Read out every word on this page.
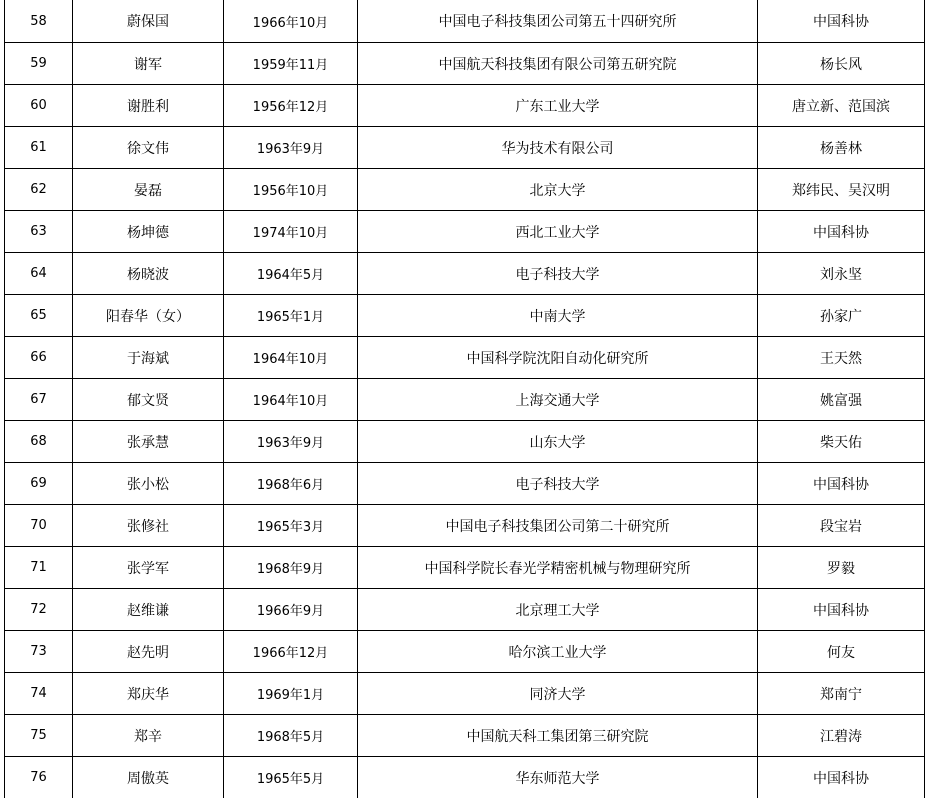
58	蔚保国	1966年10月	中国电子科技集团公司第五十四研究所	中国科协
59	谢军	1959年11月	中国航天科技集团有限公司第五研究院	杨长风
60	谢胜利	1956年12月	广东工业大学	唐立新、范国滨
61	徐文伟	1963年9月	华为技术有限公司	杨善林
62	晏磊	1956年10月	北京大学	郑纬民、吴汉明
63	杨坤德	1974年10月	西北工业大学	中国科协
64	杨晓波	1964年5月	电子科技大学	刘永坚
65	阳春华（女）	1965年1月	中南大学	孙家广
66	于海斌	1964年10月	中国科学院沈阳自动化研究所	王天然
67	郁文贤	1964年10月	上海交通大学	姚富强
68	张承慧	1963年9月	山东大学	柴天佑
69	张小松	1968年6月	电子科技大学	中国科协
70	张修社	1965年3月	中国电子科技集团公司第二十研究所	段宝岩
71	张学军	1968年9月	中国科学院长春光学精密机械与物理研究所	罗毅
72	赵维谦	1966年9月	北京理工大学	中国科协
73	赵先明	1966年12月	哈尔滨工业大学	何友
74	郑庆华	1969年1月	同济大学	郑南宁
75	郑辛	1968年5月	中国航天科工集团第三研究院	江碧涛
76	周傲英	1965年5月	华东师范大学	中国科协
